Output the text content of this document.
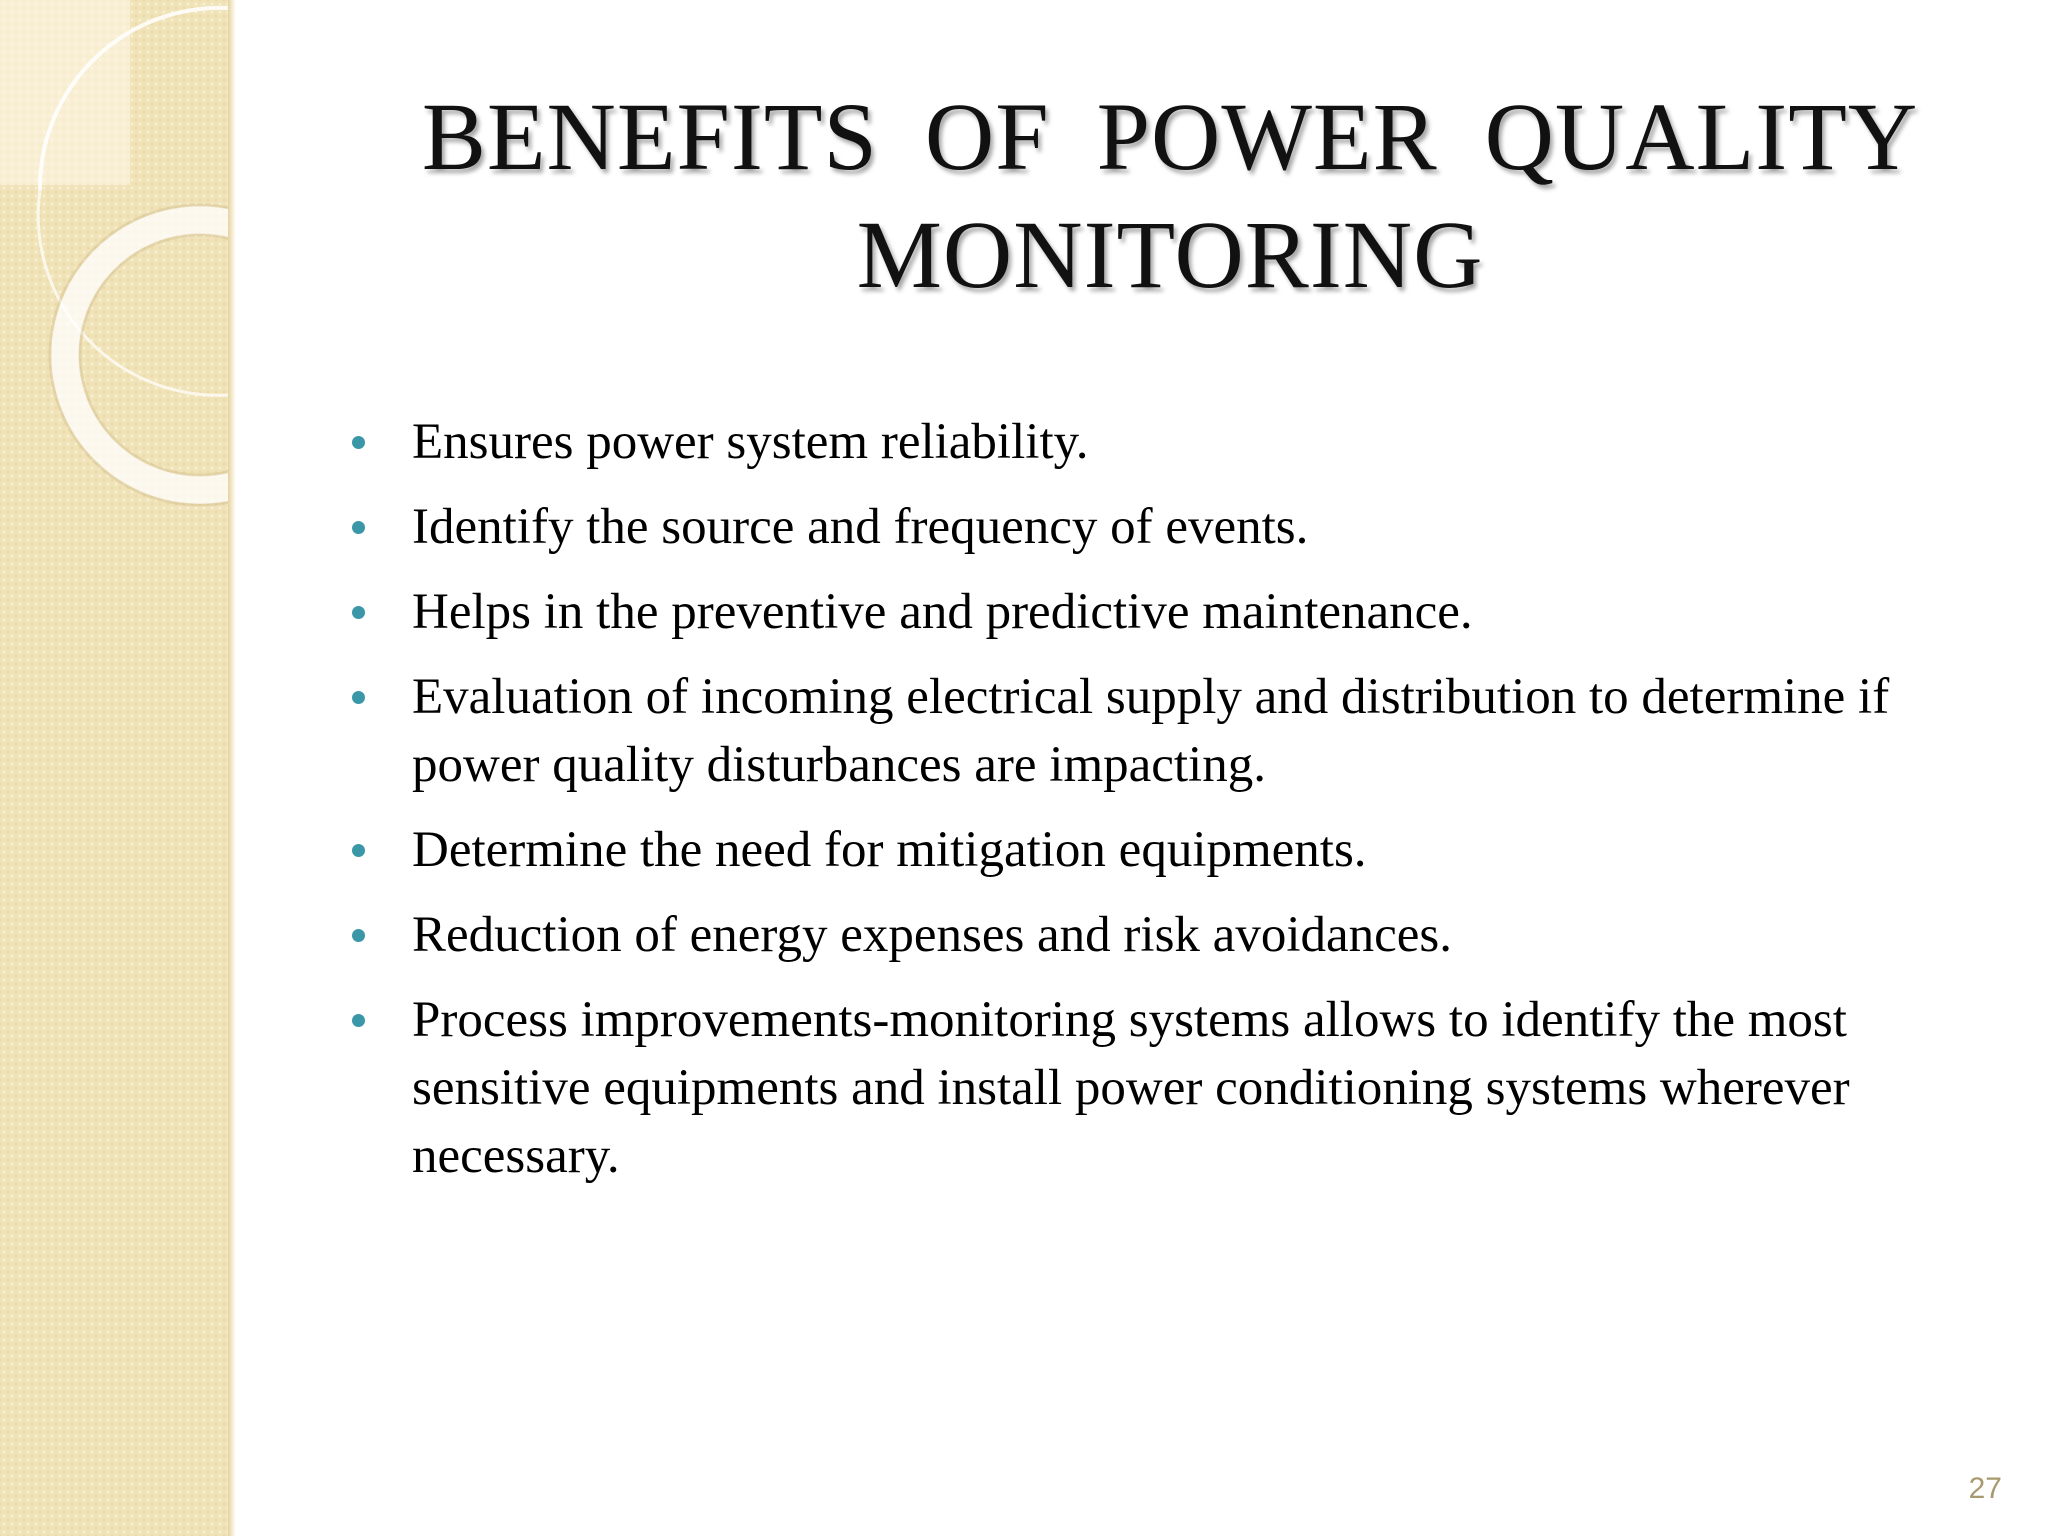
BENEFITS OF POWER QUALITY
MONITORING
Ensures power system reliability.
Identify the source and frequency of events.
Helps in the preventive and predictive maintenance.
Evaluation of incoming electrical supply and distribution to determine if power quality disturbances are impacting.
Determine the need for mitigation equipments.
Reduction of energy expenses and risk avoidances.
Process improvements-monitoring systems allows to identify the most sensitive equipments and install power conditioning systems wherever necessary.
27
